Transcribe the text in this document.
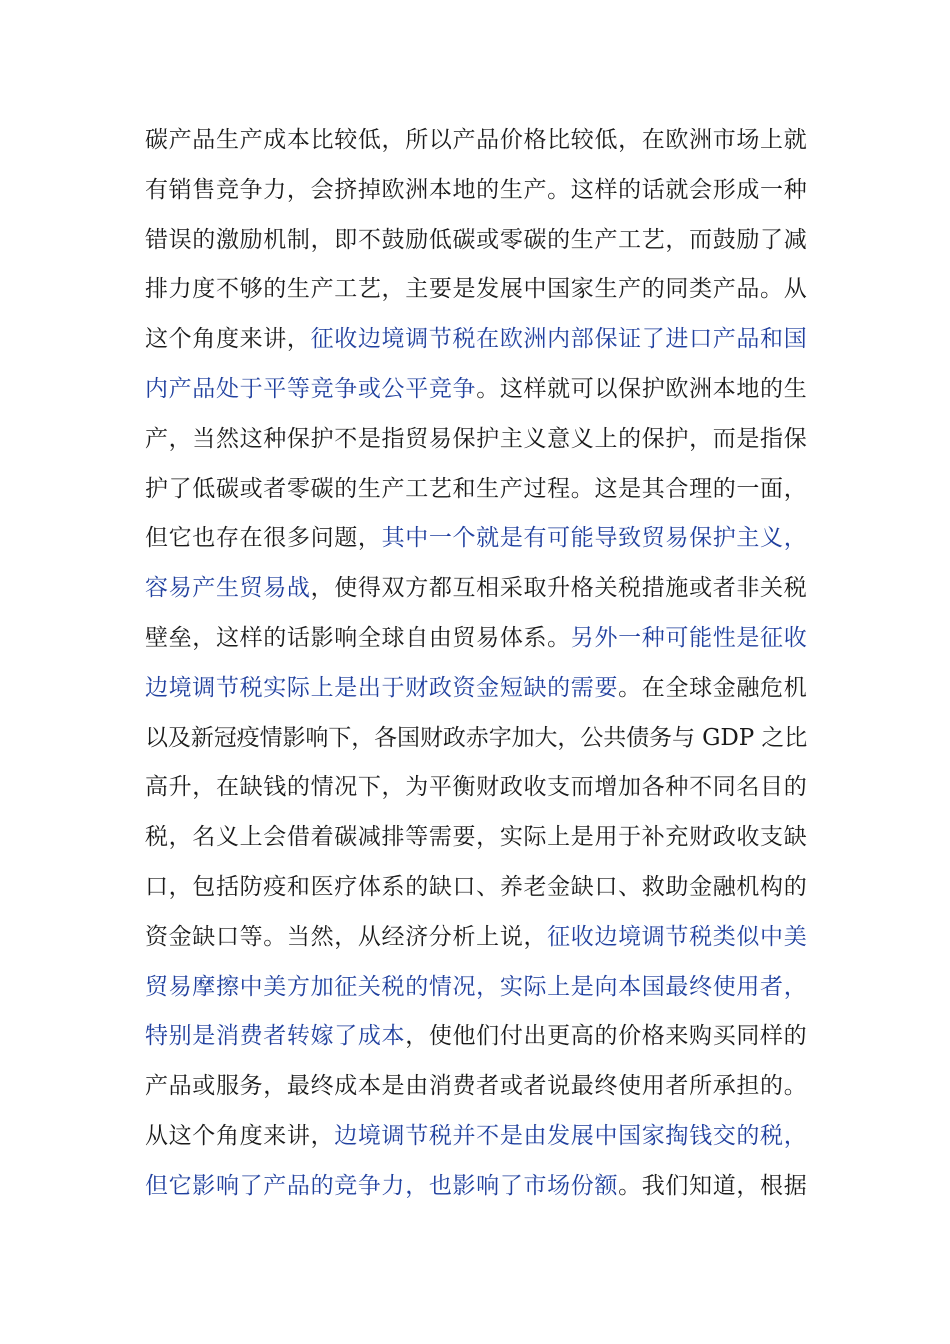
碳产品生产成本比较低，所以产品价格比较低，在欧洲市场上就
有销售竞争力，会挤掉欧洲本地的生产。这样的话就会形成一种
错误的激励机制，即不鼓励低碳或零碳的生产工艺，而鼓励了减
排力度不够的生产工艺，主要是发展中国家生产的同类产品。从
这个角度来讲，征收边境调节税在欧洲内部保证了进口产品和国
内产品处于平等竞争或公平竞争。这样就可以保护欧洲本地的生
产，当然这种保护不是指贸易保护主义意义上的保护，而是指保
护了低碳或者零碳的生产工艺和生产过程。这是其合理的一面，
但它也存在很多问题，其中一个就是有可能导致贸易保护主义，
容易产生贸易战，使得双方都互相采取升格关税措施或者非关税
壁垒，这样的话影响全球自由贸易体系。另外一种可能性是征收
边境调节税实际上是出于财政资金短缺的需要。在全球金融危机
以及新冠疫情影响下，各国财政赤字加大，公共债务与 GDP 之比
高升，在缺钱的情况下，为平衡财政收支而增加各种不同名目的
税，名义上会借着碳减排等需要，实际上是用于补充财政收支缺
口，包括防疫和医疗体系的缺口、养老金缺口、救助金融机构的
资金缺口等。当然，从经济分析上说，征收边境调节税类似中美
贸易摩擦中美方加征关税的情况，实际上是向本国最终使用者，
特别是消费者转嫁了成本，使他们付出更高的价格来购买同样的
产品或服务，最终成本是由消费者或者说最终使用者所承担的。
从这个角度来讲，边境调节税并不是由发展中国家掏钱交的税，
但它影响了产品的竞争力，也影响了市场份额。我们知道，根据
